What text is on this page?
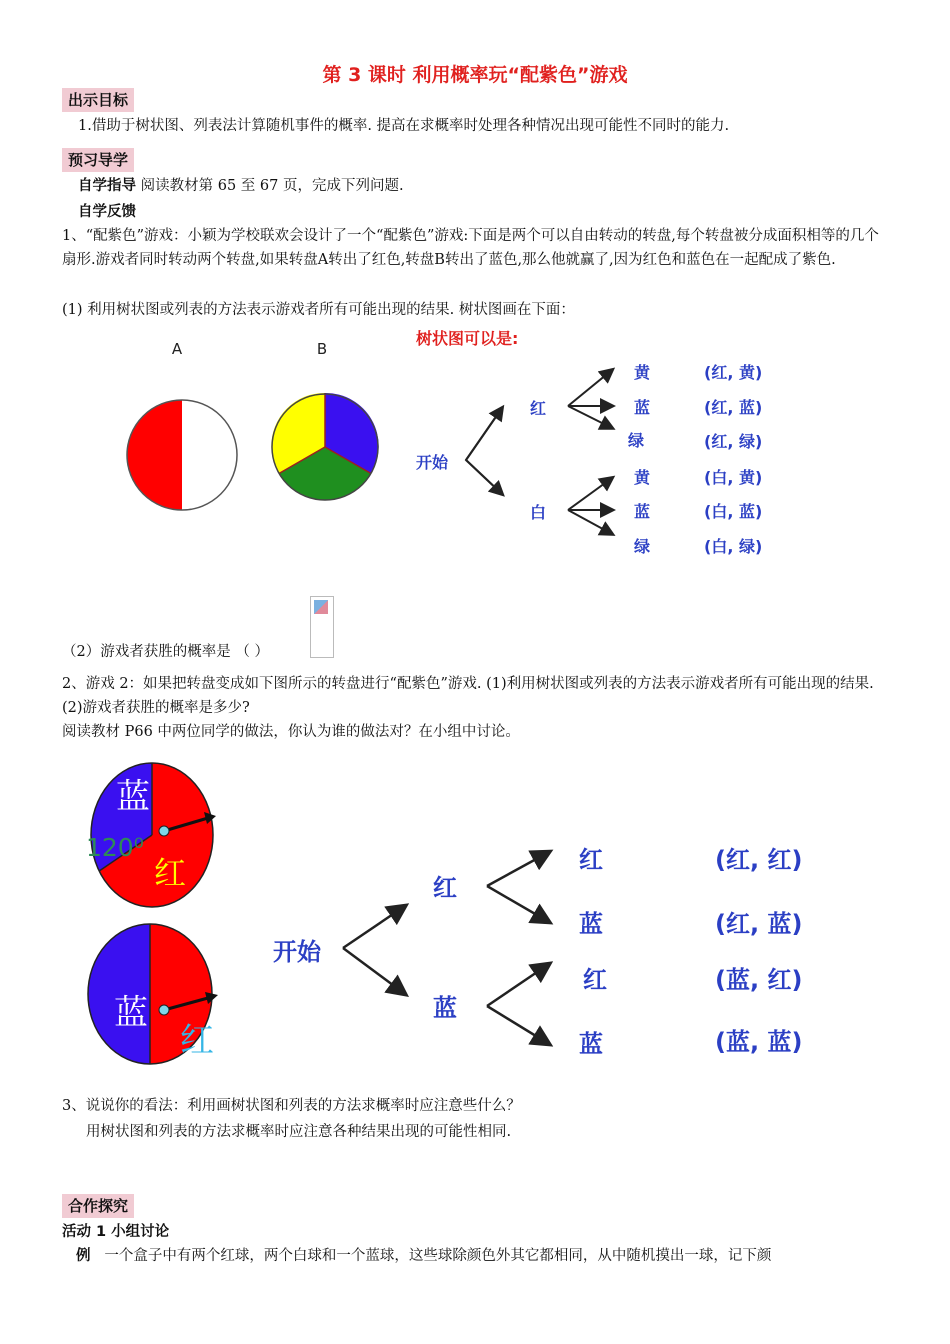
第 3 课时 利用概率玩“配紫色”游戏
出示目标
1.借助于树状图、列表法计算随机事件的概率. 提高在求概率时处理各种情况出现可能性不同时的能力.
预习导学
自学指导 阅读教材第 65 至 67 页，完成下列问题.
自学反馈
1、“配紫色”游戏：小颖为学校联欢会设计了一个“配紫色”游戏:下面是两个可以自由转动的转盘,每个转盘被分成面积相等的几个扇形.游戏者同时转动两个转盘,如果转盘A转出了红色,转盘B转出了蓝色,那么他就赢了,因为红色和蓝色在一起配成了紫色.
(1) 利用树状图或列表的方法表示游戏者所有可能出现的结果. 树状图画在下面：
A	B
树状图可以是:
开始
红
白
黄
蓝
绿
(红, 黄)
(红, 蓝)
(红, 绿)
黄
蓝
绿
(白, 黄)
(白, 蓝)
(白, 绿)
（2）游戏者获胜的概率是 （ ）
2、游戏 2：如果把转盘变成如下图所示的转盘进行“配紫色”游戏. (1)利用树状图或列表的方法表示游戏者所有可能出现的结果. (2)游戏者获胜的概率是多少?
阅读教材 P66 中两位同学的做法，你认为谁的做法对？在小组中讨论。
蓝
红
120⁰
蓝
红
开始
红
蓝
红
蓝
红
蓝
(红, 红)
(红, 蓝)
(蓝, 红)
(蓝, 蓝)
3、说说你的看法：利用画树状图和列表的方法求概率时应注意些什么？
用树状图和列表的方法求概率时应注意各种结果出现的可能性相同.
合作探究
活动 1 小组讨论
例 一个盒子中有两个红球，两个白球和一个蓝球，这些球除颜色外其它都相同，从中随机摸出一球，记下颜
